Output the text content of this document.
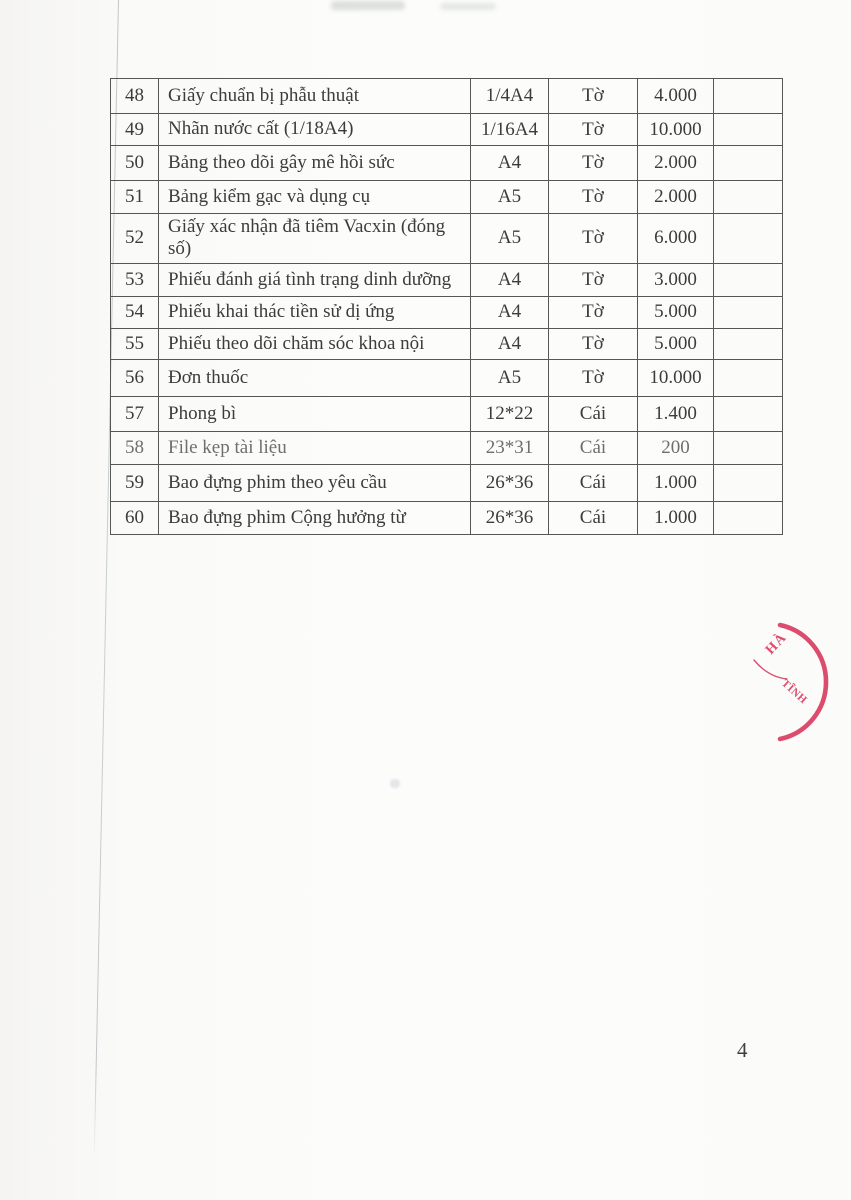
48	Giấy chuẩn bị phẫu thuật	1/4A4	Tờ	4.000	
49	Nhãn nước cất (1/18A4)	1/16A4	Tờ	10.000	
50	Bảng theo dõi gây mê hồi sức	A4	Tờ	2.000	
51	Bảng kiểm gạc và dụng cụ	A5	Tờ	2.000	
52	Giấy xác nhận đã tiêm Vacxin (đóng số)	A5	Tờ	6.000	
53	Phiếu đánh giá tình trạng dinh dưỡng	A4	Tờ	3.000	
54	Phiếu khai thác tiền sử dị ứng	A4	Tờ	5.000	
55	Phiếu theo dõi chăm sóc khoa nội	A4	Tờ	5.000	
56	Đơn thuốc	A5	Tờ	10.000	
57	Phong bì	12*22	Cái	1.400	
58	File kẹp tài liệu	23*31	Cái	200	
59	Bao đựng phim theo yêu cầu	26*36	Cái	1.000	
60	Bao đựng phim Cộng hưởng từ	26*36	Cái	1.000	
HÀ
TĨNH
4
